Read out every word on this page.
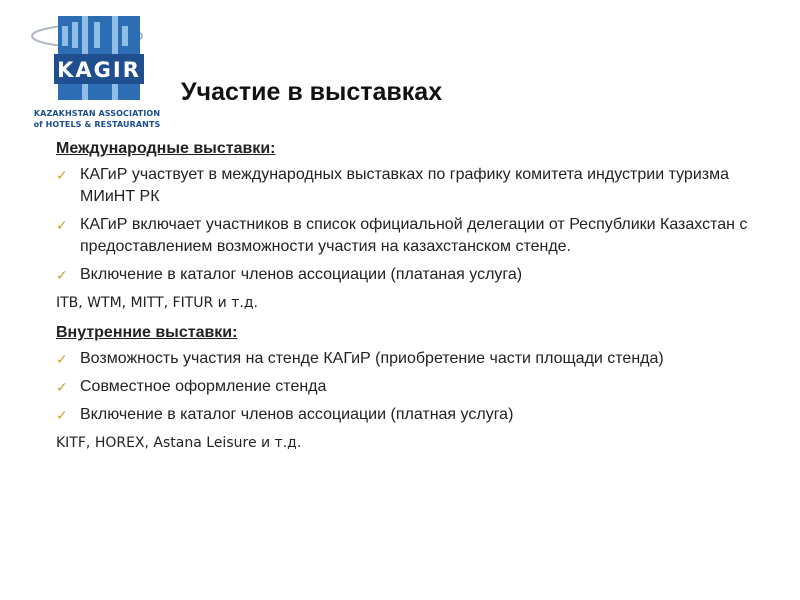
KAGIR
KAZAKHSTAN ASSOCIATION
of HOTELS & RESTAURANTS
Участие в выставках
Международные выставки:
✓ КАГиР участвует в международных выставках по графику комитета индустрии туризма МИиНТ РК
✓ КАГиР включает участников в список официальной делегации от Республики Казахстан с предоставлением возможности участия на казахстанском стенде.
✓ Включение в каталог членов ассоциации (платаная услуга)
ITB, WTM, MITT, FITUR и т.д.
Внутренние выставки:
✓ Возможность участия на стенде КАГиР (приобретение части площади стенда)
✓ Совместное оформление стенда
✓ Включение в каталог членов ассоциации (платная услуга)
KITF, HOREX, Astana Leisure и т.д.
